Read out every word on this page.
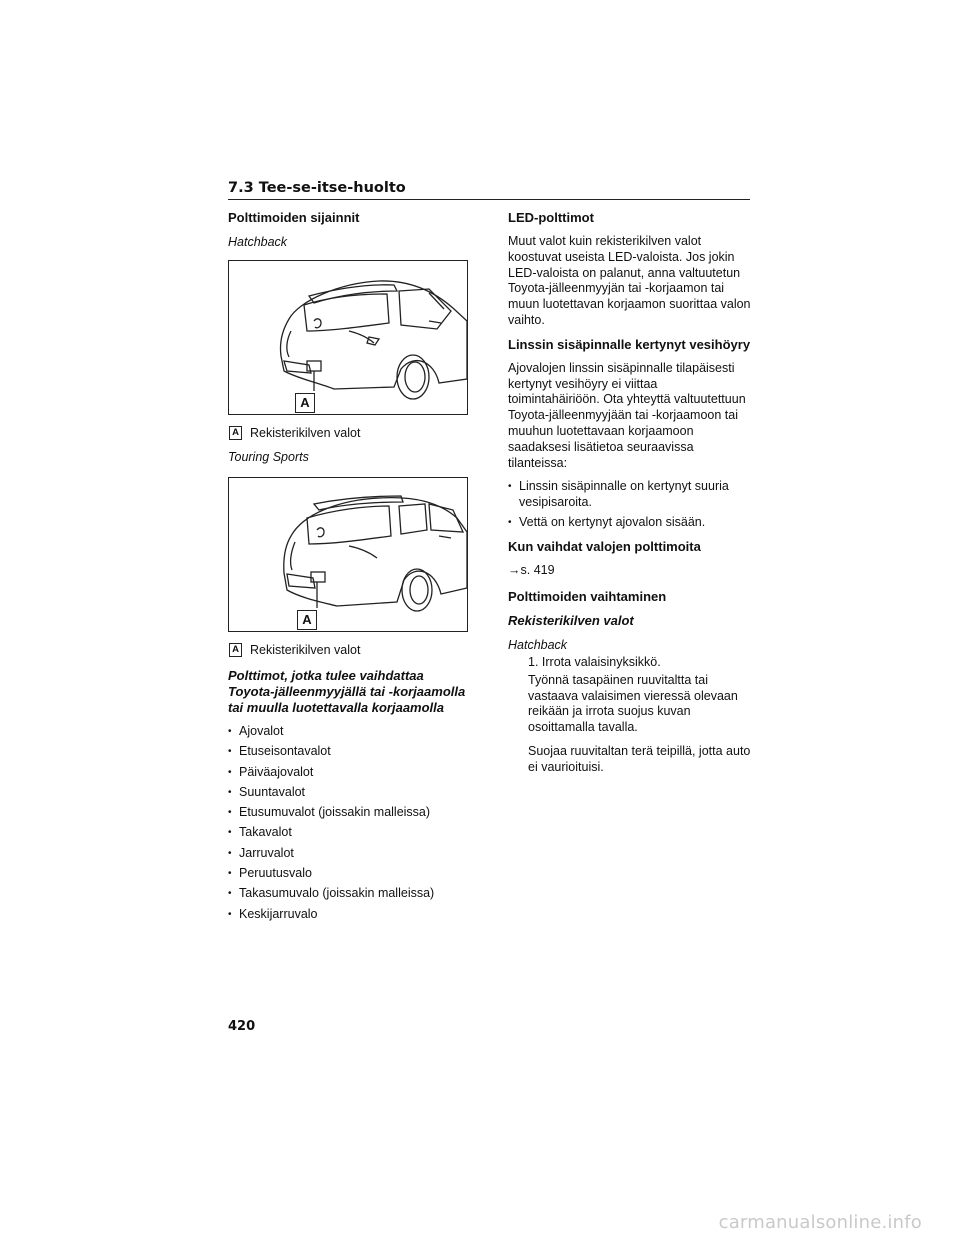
7.3 Tee-se-itse-huolto
Polttimoiden sijainnit
Hatchback
A
A Rekisterikilven valot
Touring Sports
A
A Rekisterikilven valot
Polttimot, jotka tulee vaihdattaa Toyota-jälleenmyyjällä tai -korjaamolla tai muulla luotettavalla korjaamolla
• Ajovalot
• Etuseisontavalot
• Päiväajovalot
• Suuntavalot
• Etusumuvalot (joissakin malleissa)
• Takavalot
• Jarruvalot
• Peruutusvalo
• Takasumuvalo (joissakin malleissa)
• Keskijarruvalo
LED-polttimot
Muut valot kuin rekisterikilven valot koostuvat useista LED-valoista. Jos jokin LED-valoista on palanut, anna valtuutetun Toyota-jälleenmyyjän tai -korjaamon tai muun luotettavan korjaamon suorittaa valon vaihto.
Linssin sisäpinnalle kertynyt vesihöyry
Ajovalojen linssin sisäpinnalle tilapäisesti kertynyt vesihöyry ei viittaa toimintahäiriöön. Ota yhteyttä valtuutettuun Toyota-jälleenmyyjään tai -korjaamoon tai muuhun luotettavaan korjaamoon saadaksesi lisätietoa seuraavissa tilanteissa:
• Linssin sisäpinnalle on kertynyt suuria vesipisaroita.
• Vettä on kertynyt ajovalon sisään.
Kun vaihdat valojen polttimoita
→s. 419
Polttimoiden vaihtaminen
Rekisterikilven valot
Hatchback
1. Irrota valaisinyksikkö.
Työnnä tasapäinen ruuvitaltta tai vastaava valaisimen vieressä olevaan reikään ja irrota suojus kuvan osoittamalla tavalla.
Suojaa ruuvitaltan terä teipillä, jotta auto ei vaurioituisi.
420
carmanualsonline.info
